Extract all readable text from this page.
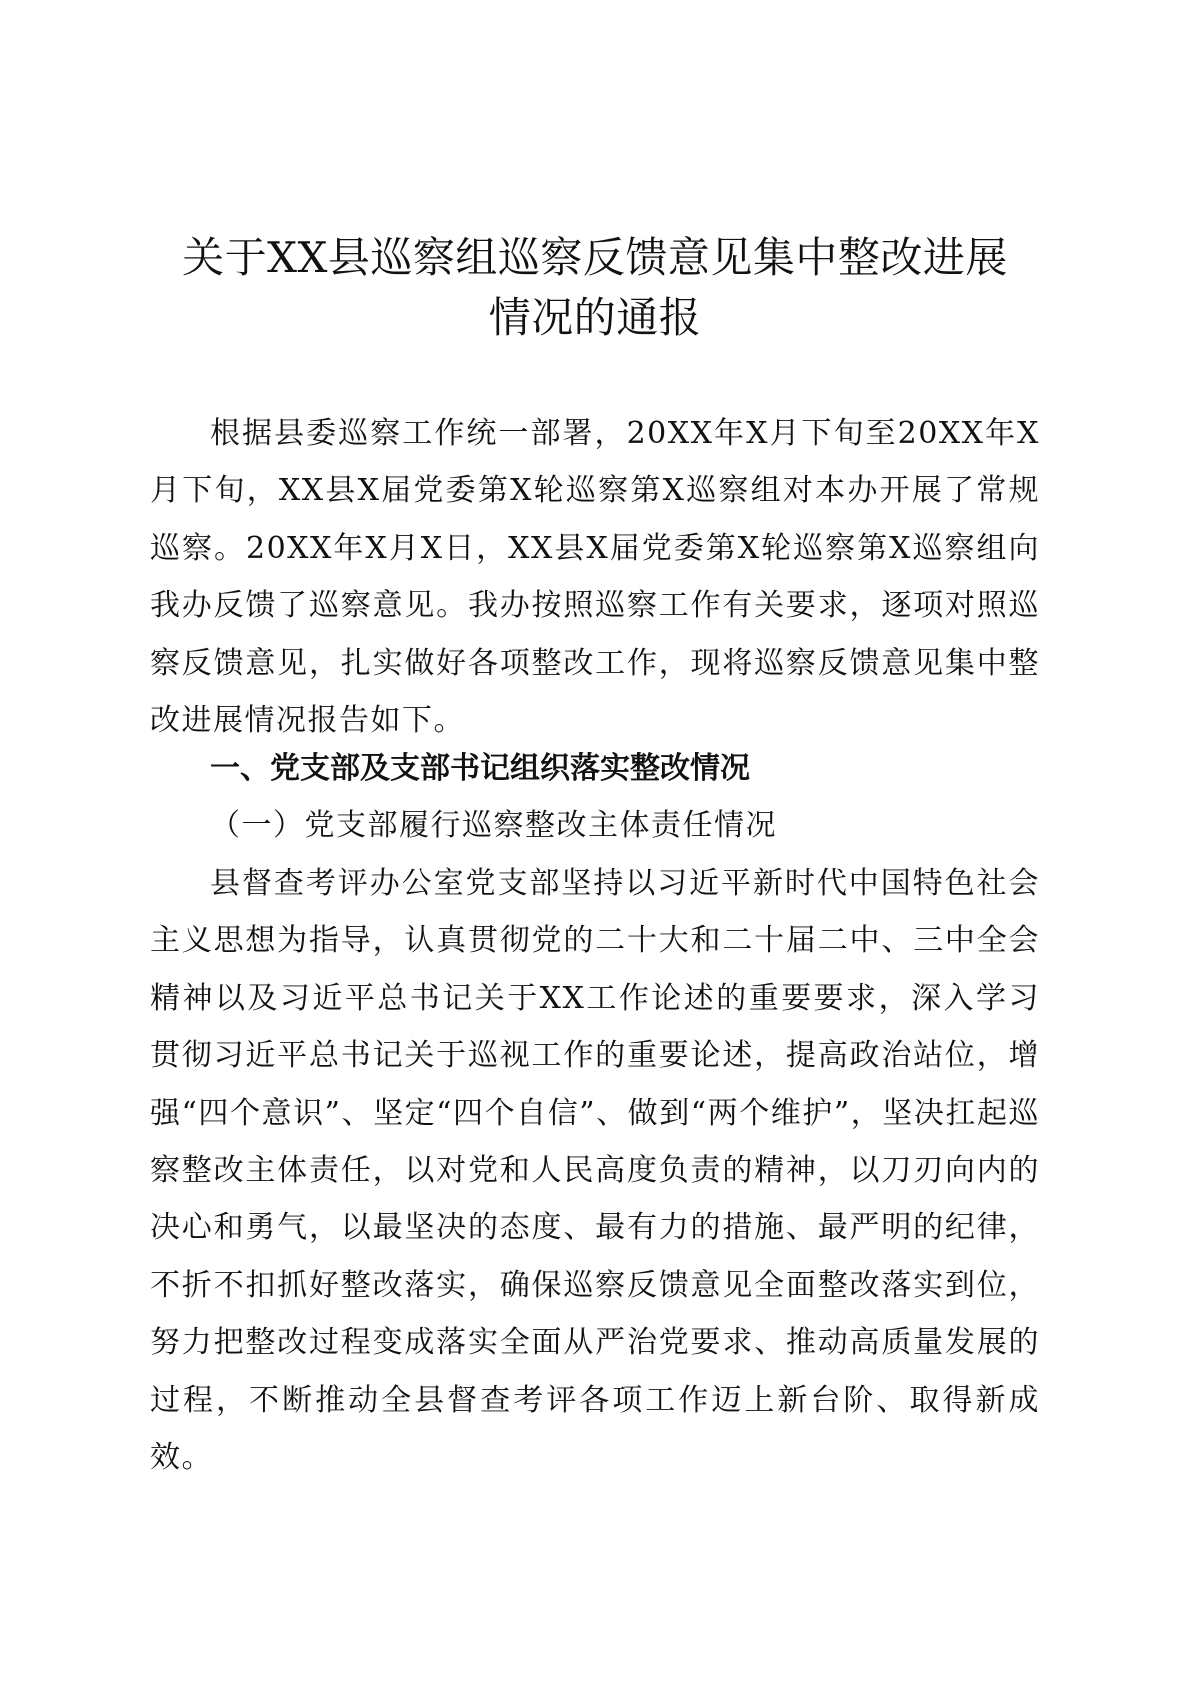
关于XX县巡察组巡察反馈意见集中整改进展
情况的通报

根据县委巡察工作统一部署，20XX年X月下旬至20XX年X月下旬，XX县X届党委第X轮巡察第X巡察组对本办开展了常规巡察。20XX年X月X日，XX县X届党委第X轮巡察第X巡察组向我办反馈了巡察意见。我办按照巡察工作有关要求，逐项对照巡察反馈意见，扎实做好各项整改工作，现将巡察反馈意见集中整改进展情况报告如下。

一、党支部及支部书记组织落实整改情况

（一）党支部履行巡察整改主体责任情况

县督查考评办公室党支部坚持以习近平新时代中国特色社会主义思想为指导，认真贯彻党的二十大和二十届二中、三中全会精神以及习近平总书记关于XX工作论述的重要要求，深入学习贯彻习近平总书记关于巡视工作的重要论述，提高政治站位，增强“四个意识”、坚定“四个自信”、做到“两个维护”，坚决扛起巡察整改主体责任，以对党和人民高度负责的精神，以刀刃向内的决心和勇气，以最坚决的态度、最有力的措施、最严明的纪律，不折不扣抓好整改落实，确保巡察反馈意见全面整改落实到位，努力把整改过程变成落实全面从严治党要求、推动高质量发展的过程，不断推动全县督查考评各项工作迈上新台阶、取得新成效。
